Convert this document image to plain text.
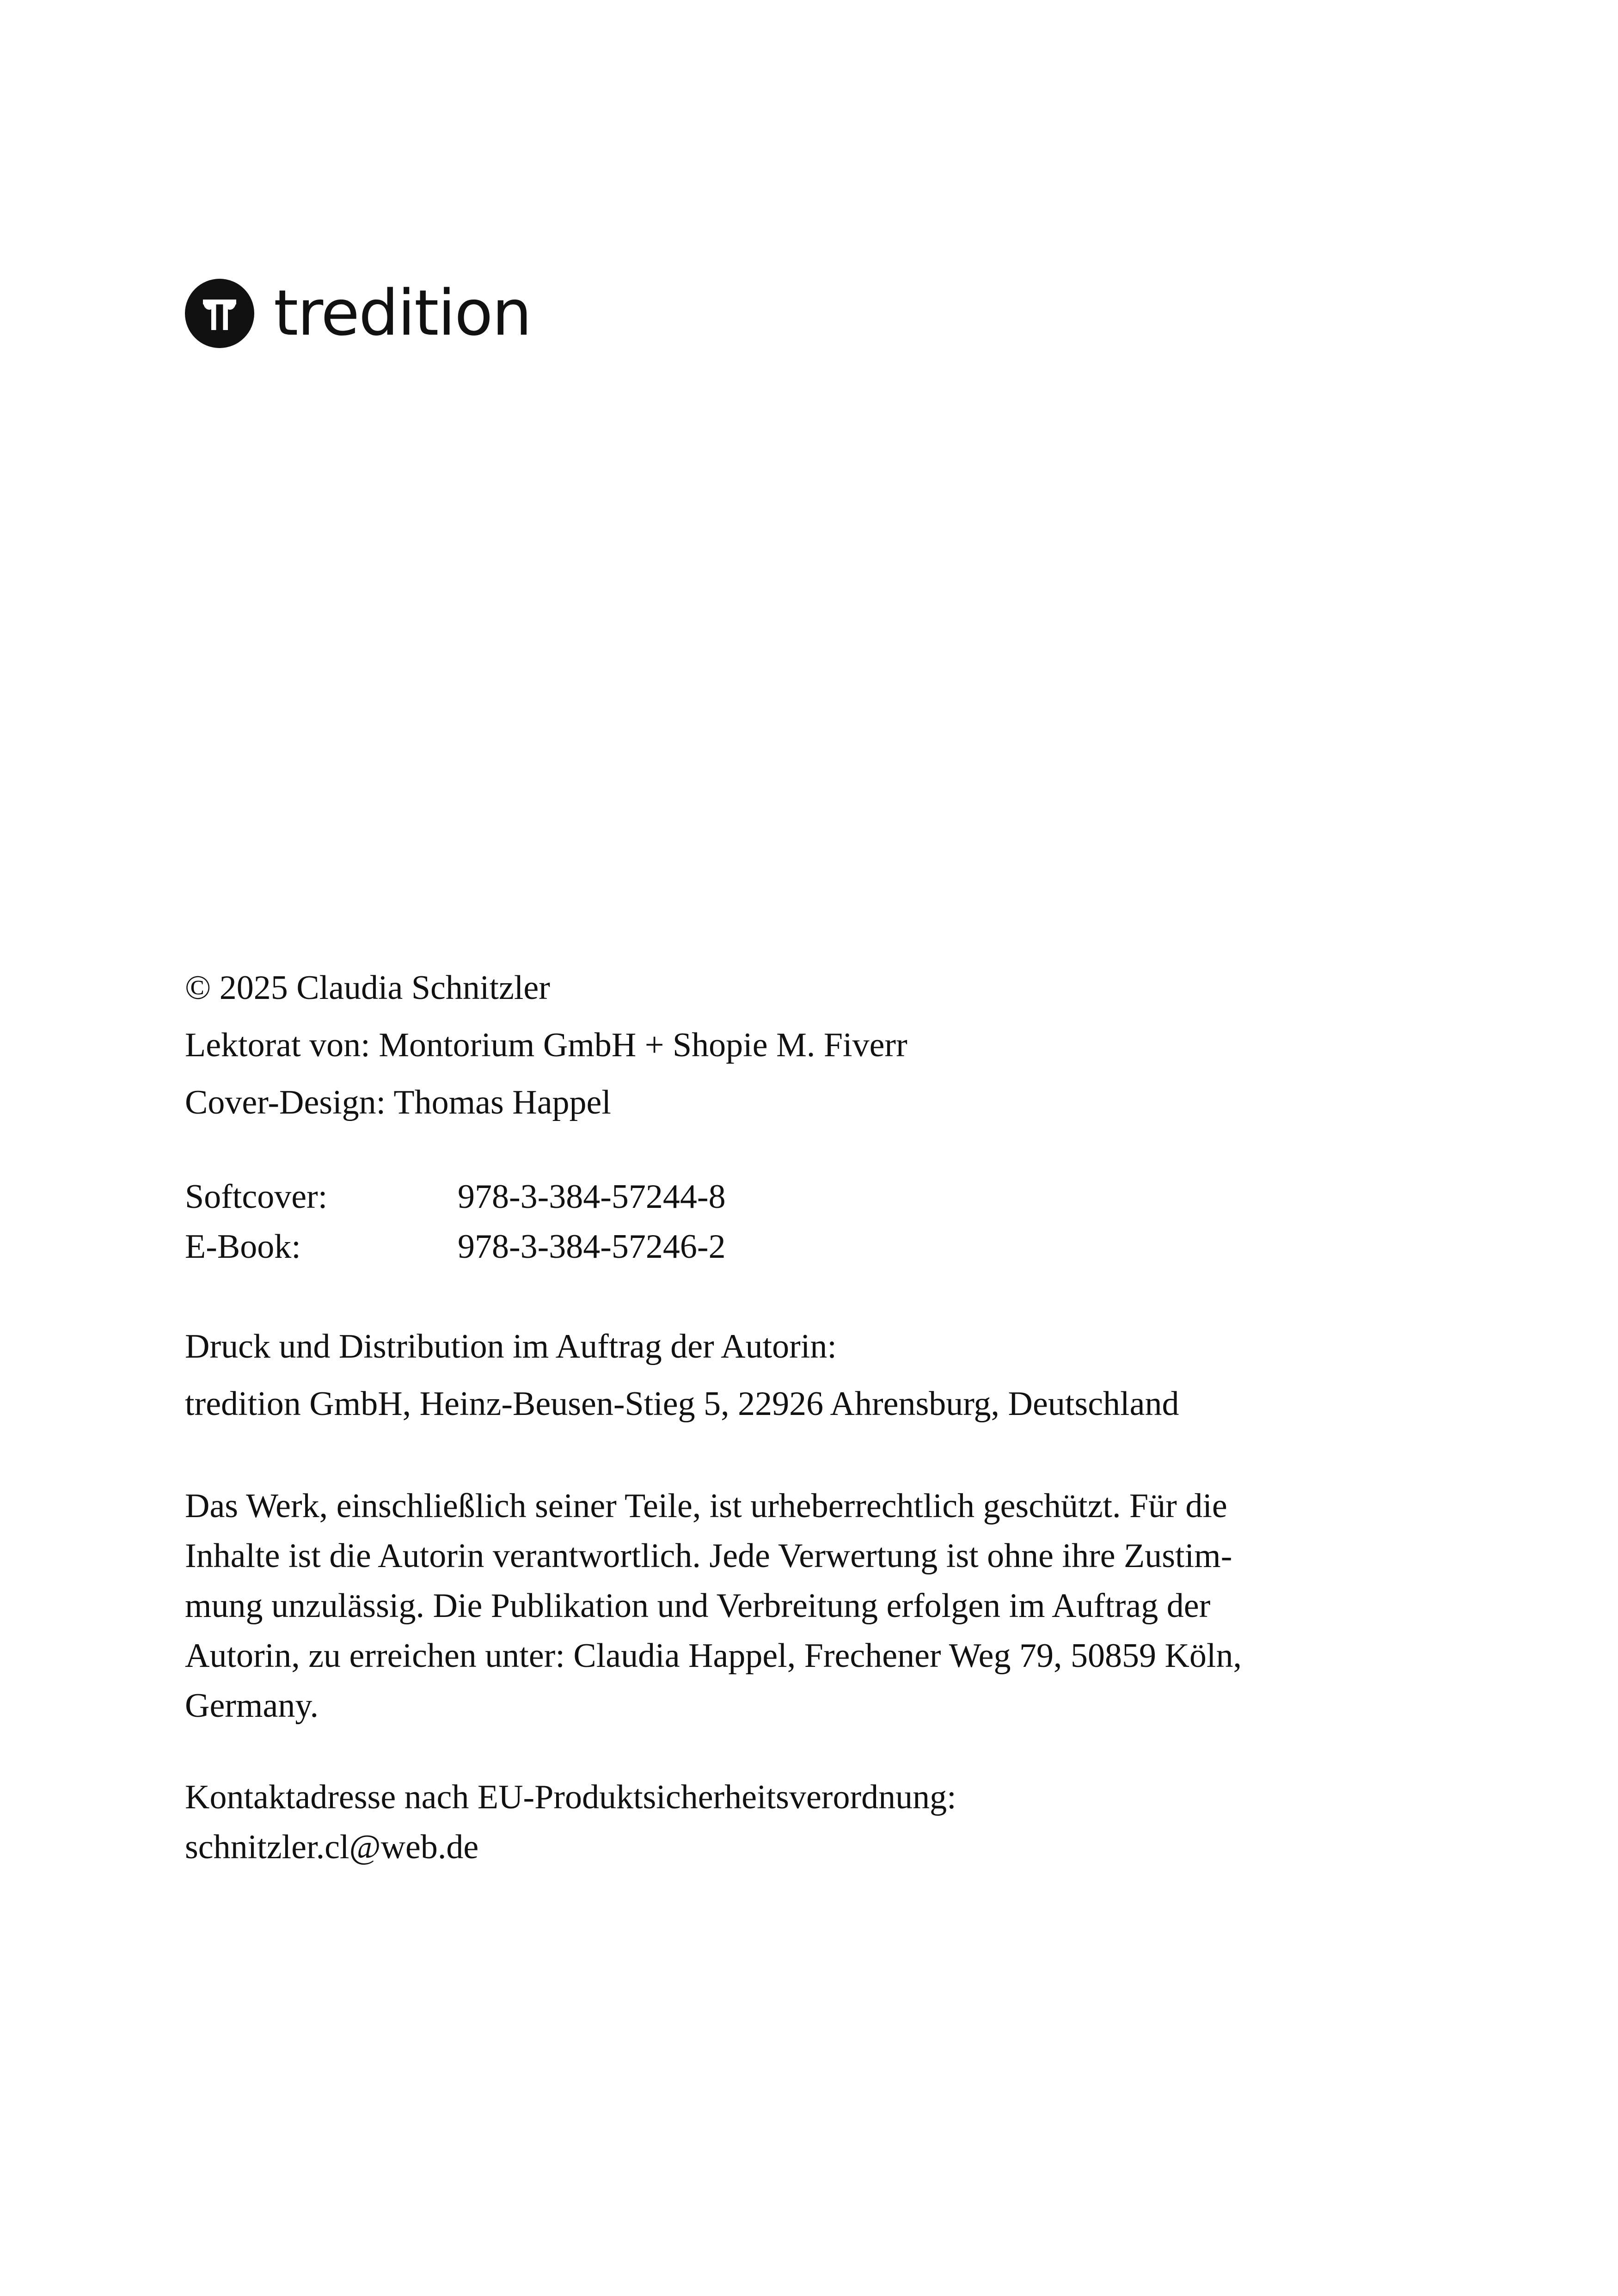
tredition
© 2025 Claudia Schnitzler
Lektorat von: Montorium GmbH + Shopie M. Fiverr
Cover-Design: Thomas Happel
Softcover:	978-3-384-57244-8
E-Book:	978-3-384-57246-2
Druck und Distribution im Auftrag der Autorin:
tredition GmbH, Heinz-Beusen-Stieg 5, 22926 Ahrensburg, Deutschland
Das Werk, einschließlich seiner Teile, ist urheberrechtlich geschützt. Für die
Inhalte ist die Autorin verantwortlich. Jede Verwertung ist ohne ihre Zustim-
mung unzulässig. Die Publikation und Verbreitung erfolgen im Auftrag der
Autorin, zu erreichen unter: Claudia Happel, Frechener Weg 79, 50859 Köln,
Germany.
Kontaktadresse nach EU-Produktsicherheitsverordnung:
schnitzler.cl@web.de
